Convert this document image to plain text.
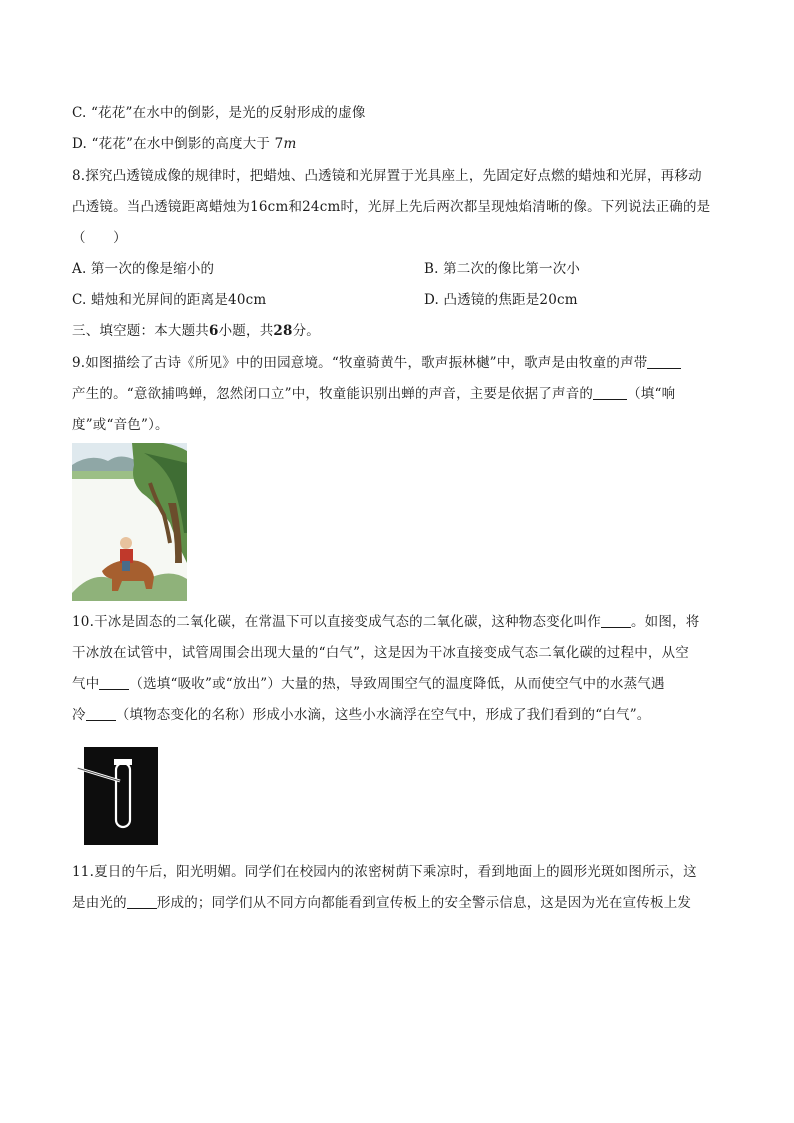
C. “花花”在水中的倒影，是光的反射形成的虚像
D. “花花”在水中倒影的高度大于 7m
8.探究凸透镜成像的规律时，把蜡烛、凸透镜和光屏置于光具座上，先固定好点燃的蜡烛和光屏，再移动
凸透镜。当凸透镜距离蜡烛为16cm和24cm时，光屏上先后两次都呈现烛焰清晰的像。下列说法正确的是
（　　）
A. 第一次的像是缩小的	B. 第二次的像比第一次小
C. 蜡烛和光屏间的距离是40cm	D. 凸透镜的焦距是20cm
三、填空题：本大题共6小题，共28分。
9.如图描绘了古诗《所见》中的田园意境。“牧童骑黄牛，歌声振林樾”中，歌声是由牧童的声带
产生的。“意欲捕鸣蝉，忽然闭口立”中，牧童能识别出蝉的声音，主要是依据了声音的	（填“响
度”或“音色”）。
10.干冰是固态的二氧化碳，在常温下可以直接变成气态的二氧化碳，这种物态变化叫作 。如图，将
干冰放在试管中，试管周围会出现大量的“白气”，这是因为干冰直接变成气态二氧化碳的过程中，从空
气中 （选填“吸收”或“放出”）大量的热，导致周围空气的温度降低，从而使空气中的水蒸气遇
冷 （填物态变化的名称）形成小水滴，这些小水滴浮在空气中，形成了我们看到的“白气”。
11.夏日的午后，阳光明媚。同学们在校园内的浓密树荫下乘凉时，看到地面上的圆形光斑如图所示，这
是由光的 形成的；同学们从不同方向都能看到宣传板上的安全警示信息，这是因为光在宣传板上发
